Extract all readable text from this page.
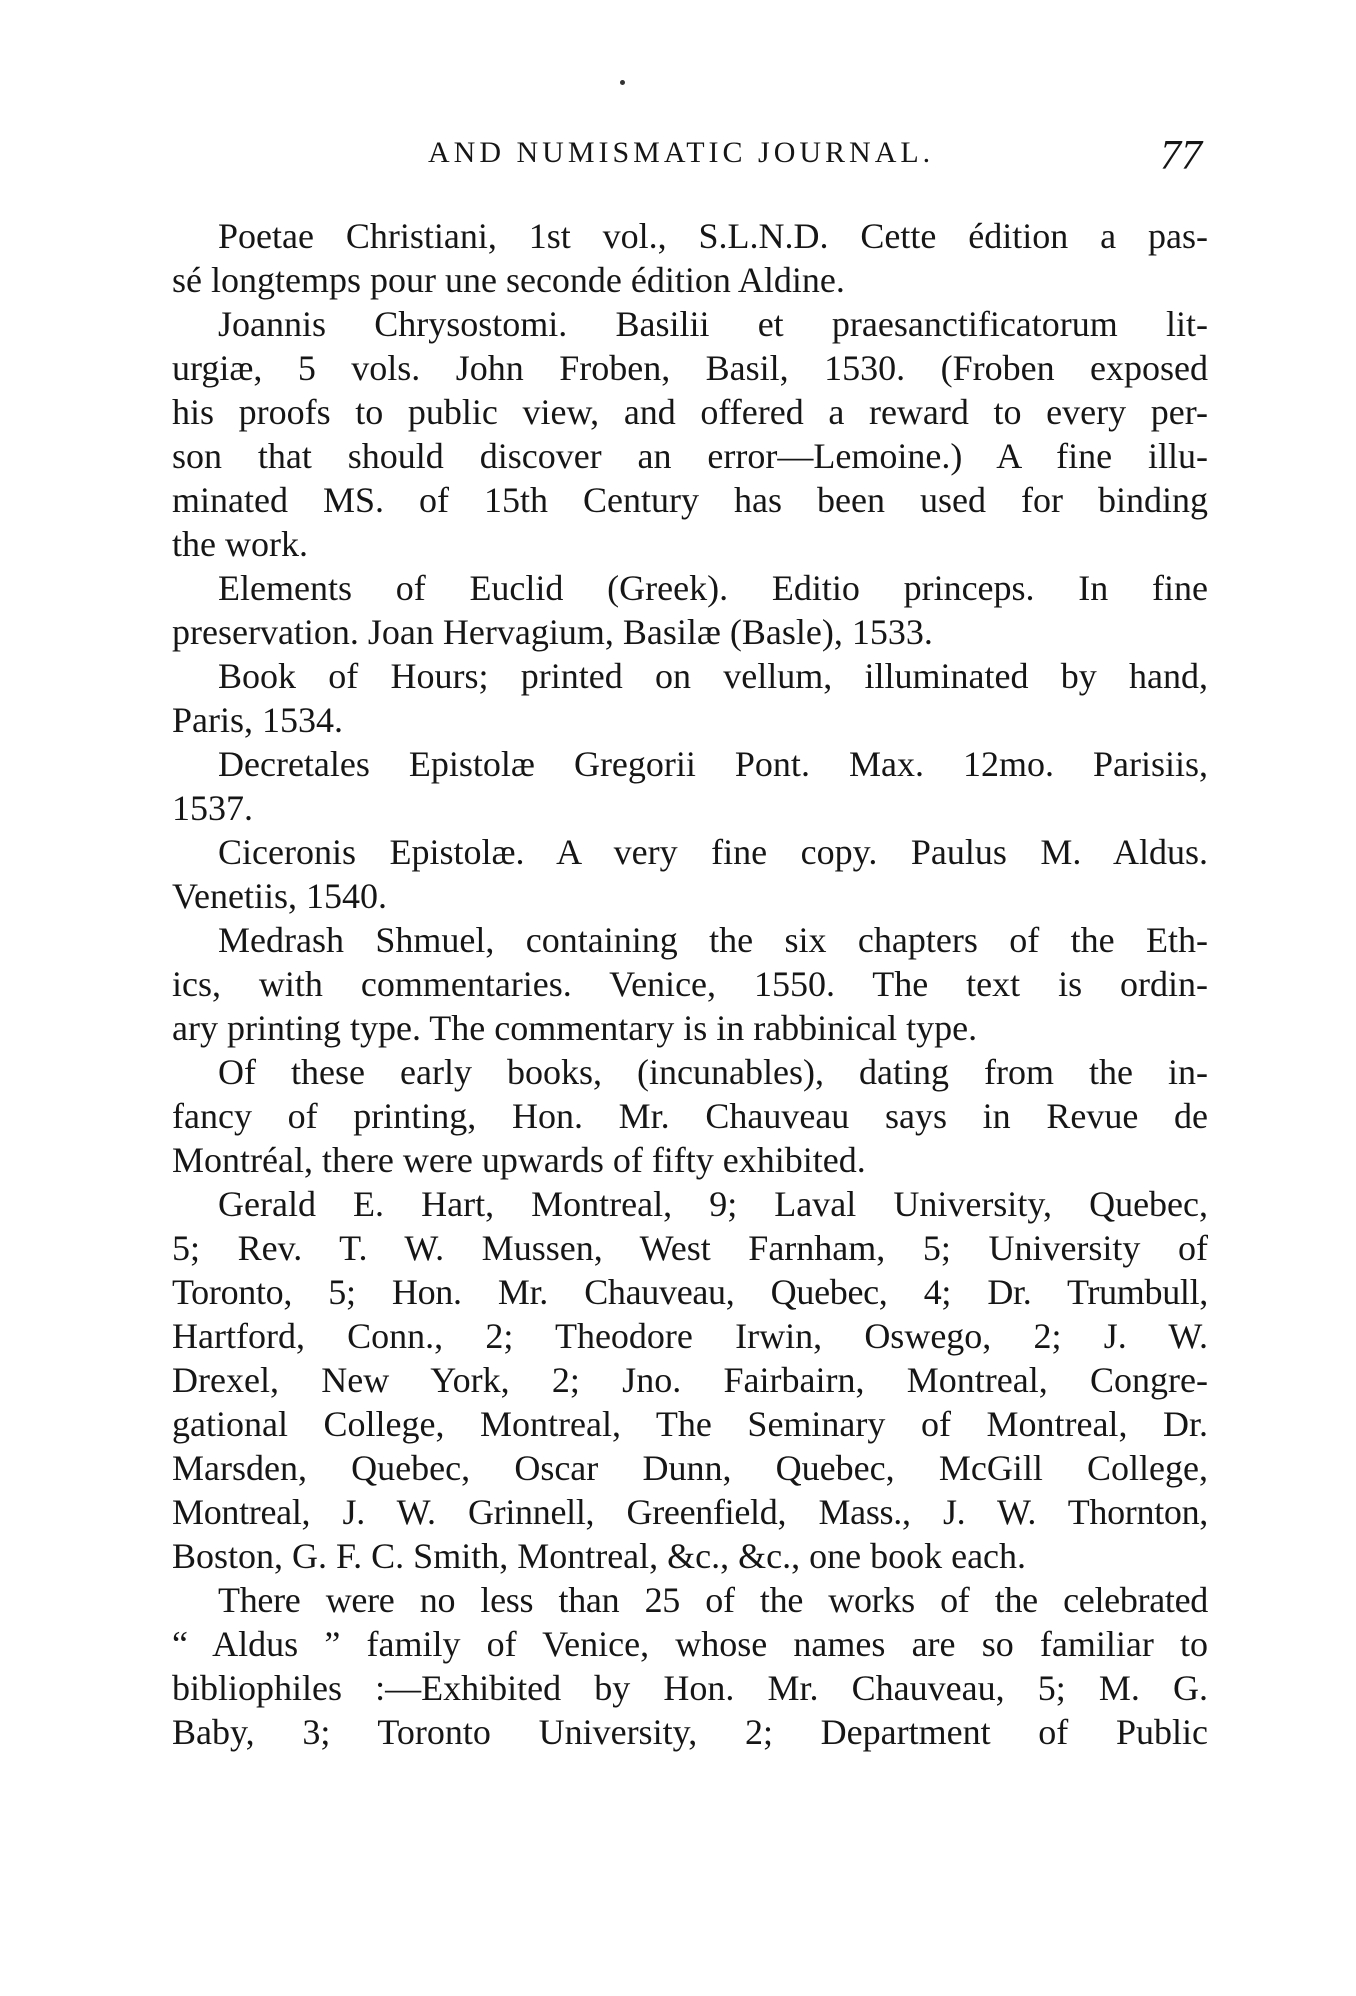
AND NUMISMATIC JOURNAL.	77
Poetae Christiani, 1st vol., S.L.N.D. Cette édition a pas-
sé longtemps pour une seconde édition Aldine.
Joannis Chrysostomi. Basilii et praesanctificatorum lit-
urgiæ, 5 vols. John Froben, Basil, 1530. (Froben exposed
his proofs to public view, and offered a reward to every per-
son that should discover an error—Lemoine.) A fine illu-
minated MS. of 15th Century has been used for binding
the work.
Elements of Euclid (Greek). Editio princeps. In fine
preservation. Joan Hervagium, Basilæ (Basle), 1533.
Book of Hours; printed on vellum, illuminated by hand,
Paris, 1534.
Decretales Epistolæ Gregorii Pont. Max. 12mo. Parisiis,
1537.
Ciceronis Epistolæ. A very fine copy. Paulus M. Aldus.
Venetiis, 1540.
Medrash Shmuel, containing the six chapters of the Eth-
ics, with commentaries. Venice, 1550. The text is ordin-
ary printing type. The commentary is in rabbinical type.
Of these early books, (incunables), dating from the in-
fancy of printing, Hon. Mr. Chauveau says in Revue de
Montréal, there were upwards of fifty exhibited.
Gerald E. Hart, Montreal, 9; Laval University, Quebec,
5; Rev. T. W. Mussen, West Farnham, 5; University of
Toronto, 5; Hon. Mr. Chauveau, Quebec, 4; Dr. Trumbull,
Hartford, Conn., 2; Theodore Irwin, Oswego, 2; J. W.
Drexel, New York, 2; Jno. Fairbairn, Montreal, Congre-
gational College, Montreal, The Seminary of Montreal, Dr.
Marsden, Quebec, Oscar Dunn, Quebec, McGill College,
Montreal, J. W. Grinnell, Greenfield, Mass., J. W. Thornton,
Boston, G. F. C. Smith, Montreal, &c., &c., one book each.
There were no less than 25 of the works of the celebrated
“ Aldus ” family of Venice, whose names are so familiar to
bibliophiles :—Exhibited by Hon. Mr. Chauveau, 5; M. G.
Baby, 3; Toronto University, 2; Department of Public
